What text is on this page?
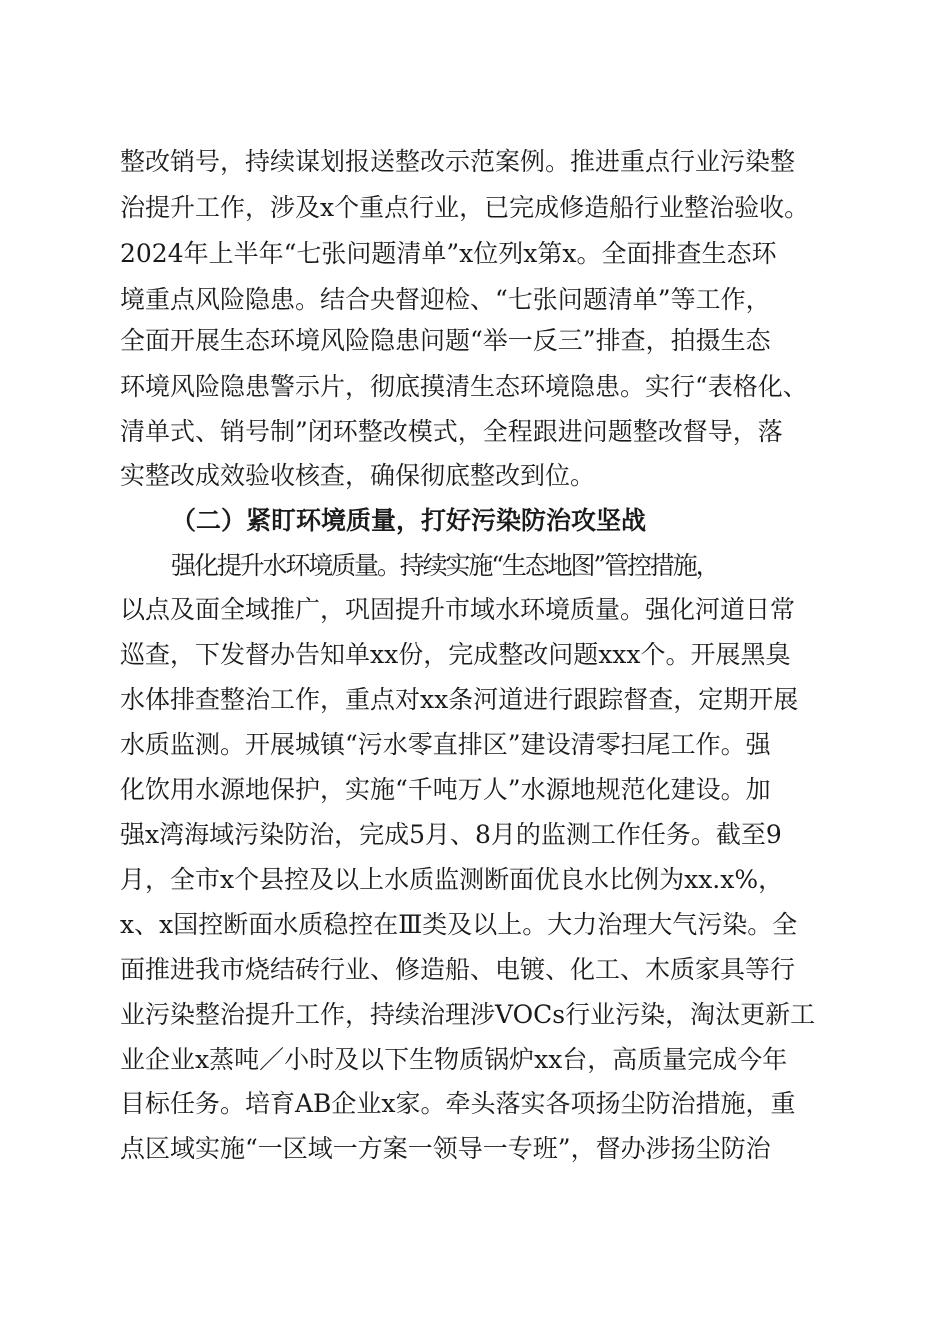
整改销号，持续谋划报送整改示范案例。推进重点行业污染整
治提升工作，涉及x个重点行业，已完成修造船行业整治验收。
2024年上半年“七张问题清单”x位列x第x。全面排查生态环
境重点风险隐患。结合央督迎检、“七张问题清单”等工作，
全面开展生态环境风险隐患问题“举一反三”排查，拍摄生态
环境风险隐患警示片，彻底摸清生态环境隐患。实行“表格化、
清单式、销号制”闭环整改模式，全程跟进问题整改督导，落
实整改成效验收核查，确保彻底整改到位。
（二）紧盯环境质量，打好污染防治攻坚战
强化提升水环境质量。持续实施“生态地图”管控措施，
以点及面全域推广，巩固提升市域水环境质量。强化河道日常
巡查，下发督办告知单xx份，完成整改问题xxx个。开展黑臭
水体排查整治工作，重点对xx条河道进行跟踪督查，定期开展
水质监测。开展城镇“污水零直排区”建设清零扫尾工作。强
化饮用水源地保护，实施“千吨万人”水源地规范化建设。加
强x湾海域污染防治，完成5月、8月的监测工作任务。截至9
月，全市x个县控及以上水质监测断面优良水比例为xx.x%，
x、x国控断面水质稳控在Ⅲ类及以上。大力治理大气污染。全
面推进我市烧结砖行业、修造船、电镀、化工、木质家具等行
业污染整治提升工作，持续治理涉VOCs行业污染，淘汰更新工
业企业x蒸吨／小时及以下生物质锅炉xx台，高质量完成今年
目标任务。培育AB企业x家。牵头落实各项扬尘防治措施，重
点区域实施“一区域一方案一领导一专班”，督办涉扬尘防治
